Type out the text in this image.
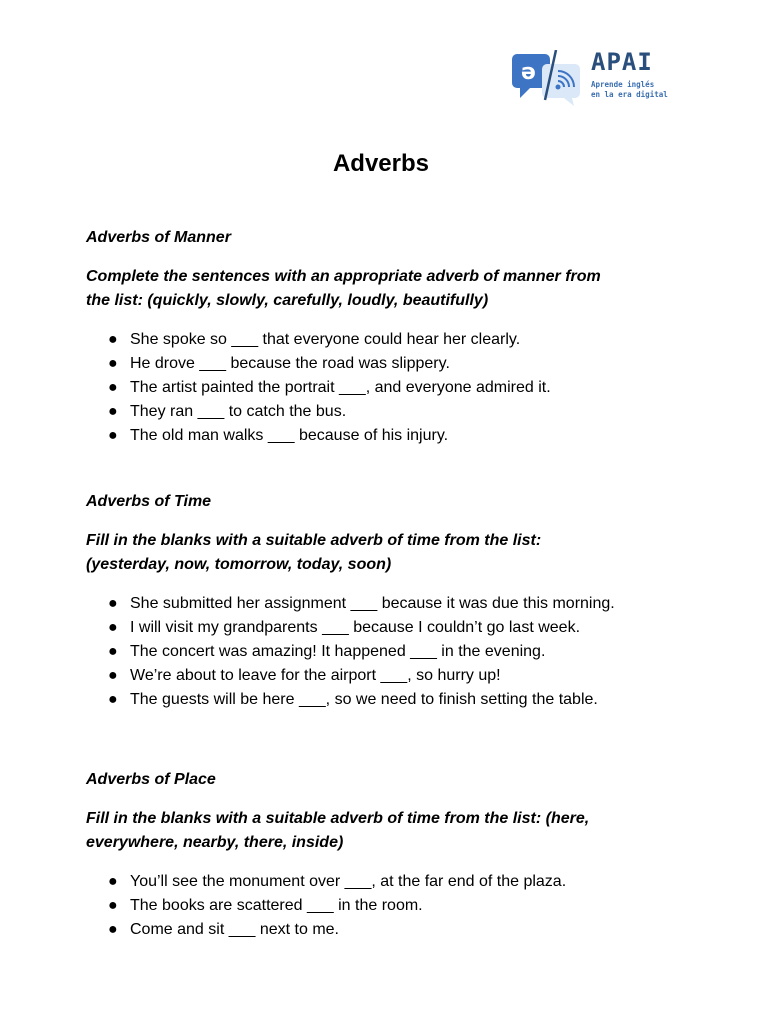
ə APAI
Aprende inglés
en la era digital
Adverbs

Adverbs of Manner

Complete the sentences with an appropriate adverb of manner from
the list: (quickly, slowly, carefully, loudly, beautifully)

● She spoke so ___ that everyone could hear her clearly.
● He drove ___ because the road was slippery.
● The artist painted the portrait ___, and everyone admired it.
● They ran ___ to catch the bus.
● The old man walks ___ because of his injury.

Adverbs of Time

Fill in the blanks with a suitable adverb of time from the list:
(yesterday, now, tomorrow, today, soon)

● She submitted her assignment ___ because it was due this morning.
● I will visit my grandparents ___ because I couldn’t go last week.
● The concert was amazing! It happened ___ in the evening.
● We’re about to leave for the airport ___, so hurry up!
● The guests will be here ___, so we need to finish setting the table.

Adverbs of Place

Fill in the blanks with a suitable adverb of time from the list: (here,
everywhere, nearby, there, inside)

● You’ll see the monument over ___, at the far end of the plaza.
● The books are scattered ___ in the room.
● Come and sit ___ next to me.
